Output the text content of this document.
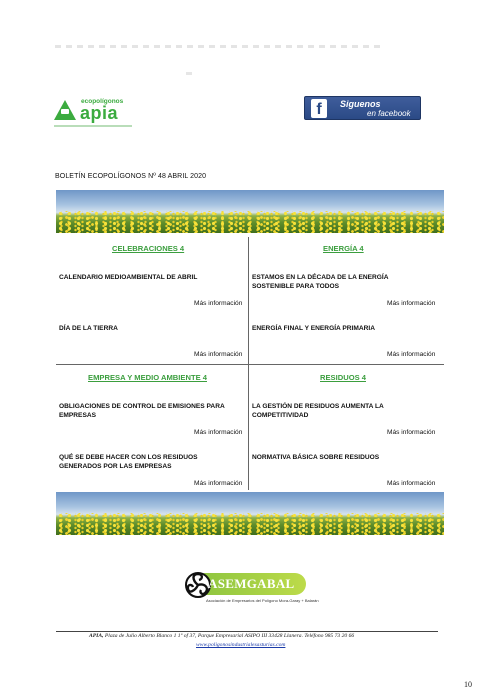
ecopolígonos
apia	f	Siguenos
en facebook
BOLETÍN ECOPOLÍGONOS Nº 48 ABRIL 2020
CELEBRACIONES 4
CALENDARIO MEDIOAMBIENTAL DE ABRIL
Más información
DÍA DE LA TIERRA
Más información
ENERGÍA 4
ESTAMOS EN LA DÉCADA DE LA ENERGÍA SOSTENIBLE PARA TODOS
Más información
ENERGÍA FINAL Y ENERGÍA PRIMARIA
Más información
EMPRESA Y MEDIO AMBIENTE 4
OBLIGACIONES DE CONTROL DE EMISIONES PARA EMPRESAS
Más información
QUÉ SE DEBE HACER CON LOS RESIDUOS GENERADOS POR LAS EMPRESAS
Más información
RESIDUOS 4
LA GESTIÓN DE RESIDUOS AUMENTA LA COMPETITIVIDAD
Más información
NORMATIVA BÁSICA SOBRE RESIDUOS
Más información
ASEMGABAL
Asociación de Empresarios del Polígono Mora-Garay + Balarán
APIA, Plaza de Julio Alberto Blanco 1 1º of 37, Parque Empresarial ASIPO III 33428 Llanera. Teléfono 985 73 20 66
www.poligonosindustrialesasturias.com
10
